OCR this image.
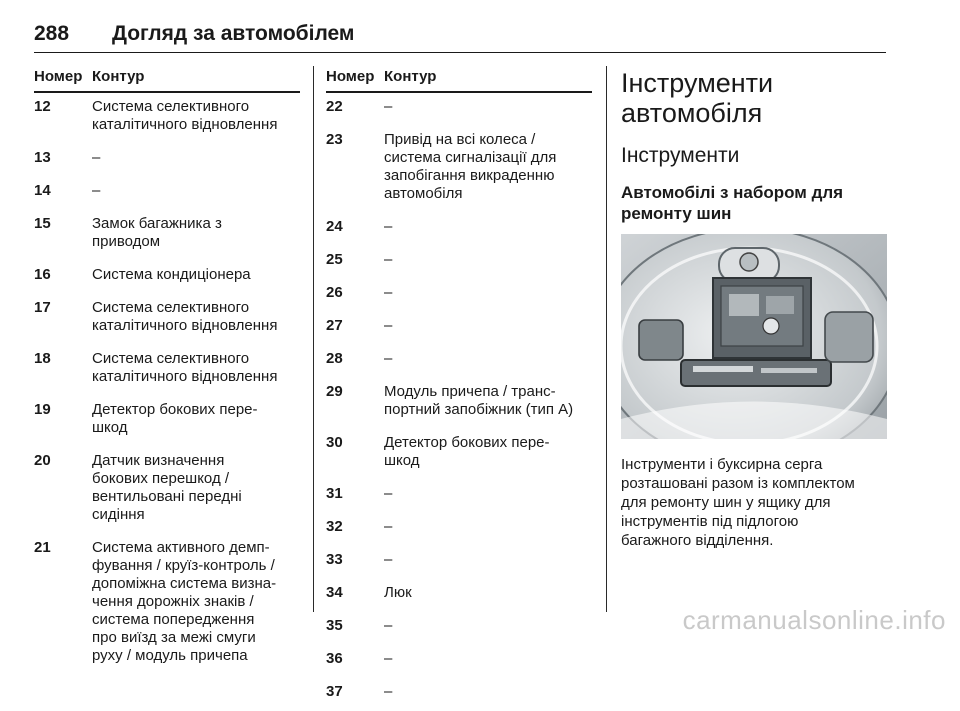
288 Догляд за автомобілем
Номер Контур
12	Система селективного
каталітичного відновлення
13	–
14	–
15	Замок багажника з
приводом
16	Система кондиціонера
17	Система селективного
каталітичного відновлення
18	Система селективного
каталітичного відновлення
19	Детектор бокових пере-
шкод
20	Датчик визначення
бокових перешкод /
вентильовані передні
сидіння
21	Система активного демп-
фування / круїз-контроль /
допоміжна система визна-
чення дорожніх знаків /
система попередження
про виїзд за межі смуги
руху / модуль причепа
Номер Контур
22	–
23	Привід на всі колеса /
система сигналізації для
запобігання викраденню
автомобіля
24	–
25	–
26	–
27	–
28	–
29	Модуль причепа / транс-
портний запобіжник (тип А)
30	Детектор бокових пере-
шкод
31	–
32	–
33	–
34	Люк
35	–
36	–
37	–
Інструменти
автомобіля
Інструменти
Автомобілі з набором для
ремонту шин
Інструменти і буксирна серга
розташовані разом із комплектом
для ремонту шин у ящику для
інструментів під підлогою
багажного відділення.
carmanualsonline.info
